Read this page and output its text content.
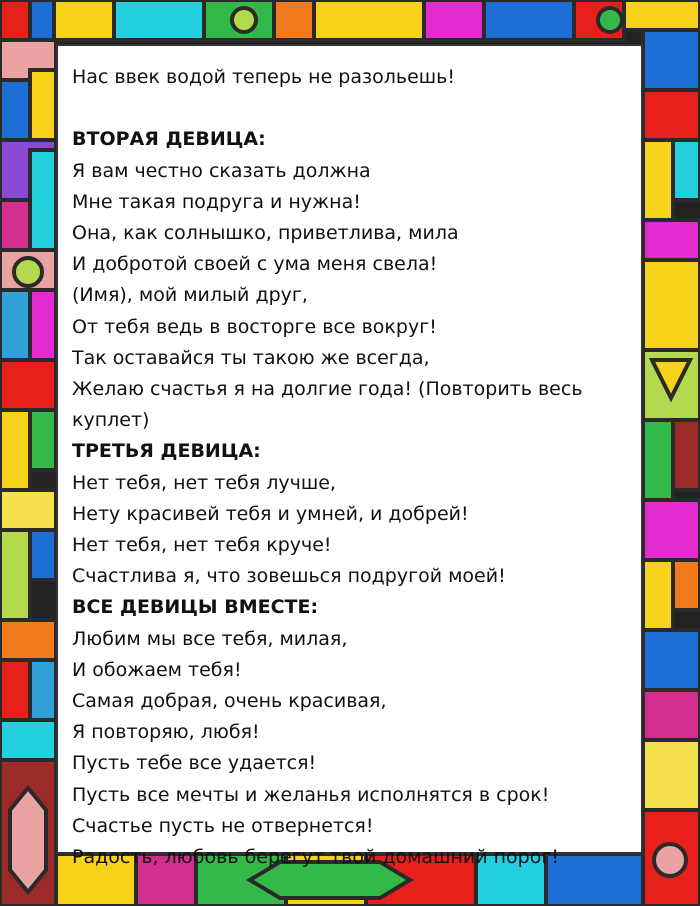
Нас ввек водой теперь не разольешь!

ВТОРАЯ ДЕВИЦА:

Я вам честно сказать должна

Мне такая подруга и нужна!

Она, как солнышко, приветлива, мила

И добротой своей с ума меня свела!

(Имя), мой милый друг,

От тебя ведь в восторге все вокруг!

Так оставайся ты такою же всегда,

Желаю счастья я на долгие года! (Повторить весь куплет)

ТРЕТЬЯ ДЕВИЦА:

Нет тебя, нет тебя лучше,

Нету красивей тебя и умней, и добрей!

Нет тебя, нет тебя круче!

Счастлива я, что зовешься подругой моей!

ВСЕ ДЕВИЦЫ ВМЕСТЕ:

Любим мы все тебя, милая,

И обожаем тебя!

Самая добрая, очень красивая,

Я повторяю, любя!

Пусть тебе все удается!

Пусть все мечты и желанья исполнятся в срок!

Счастье пусть не отвернется!

Радость, любовь берегут твой домашний порог!
